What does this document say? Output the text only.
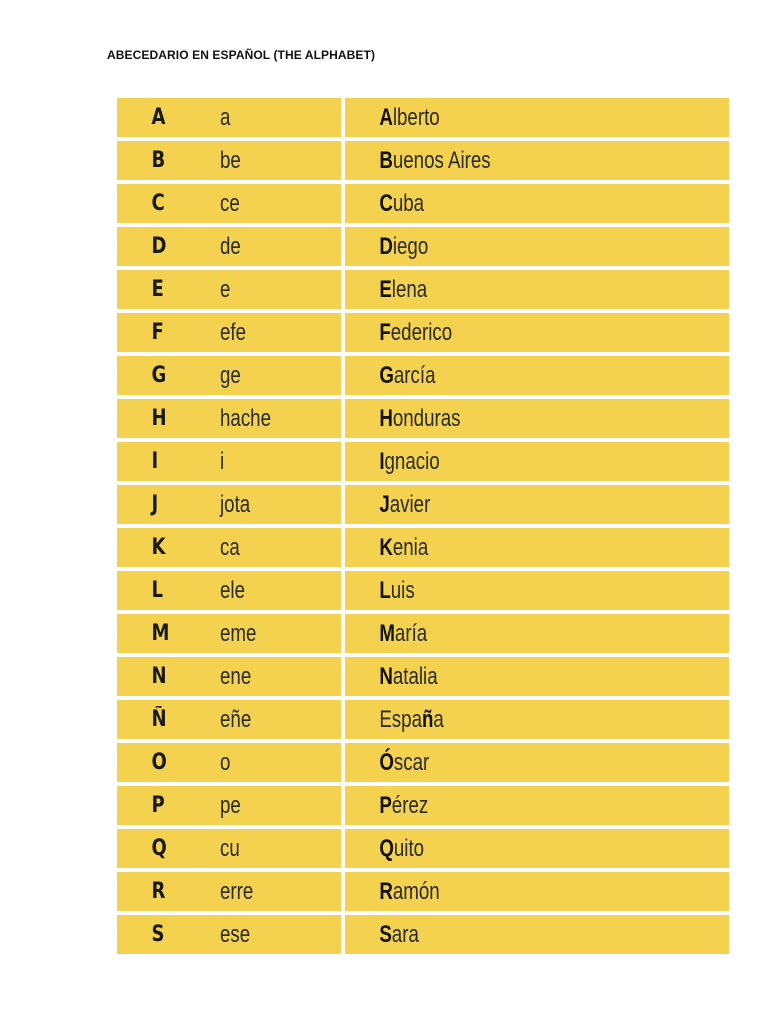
ABECEDARIO EN ESPAÑOL (THE ALPHABET)
A	a	Alberto
B	be	Buenos Aires
C	ce	Cuba
D	de	Diego
E	e	Elena
F	efe	Federico
G	ge	García
H	hache	Honduras
I	i	Ignacio
J	jota	Javier
K	ca	Kenia
L	ele	Luis
M	eme	María
N	ene	Natalia
Ñ	eñe	España
O	o	Óscar
P	pe	Pérez
Q	cu	Quito
R	erre	Ramón
S	ese	Sara
